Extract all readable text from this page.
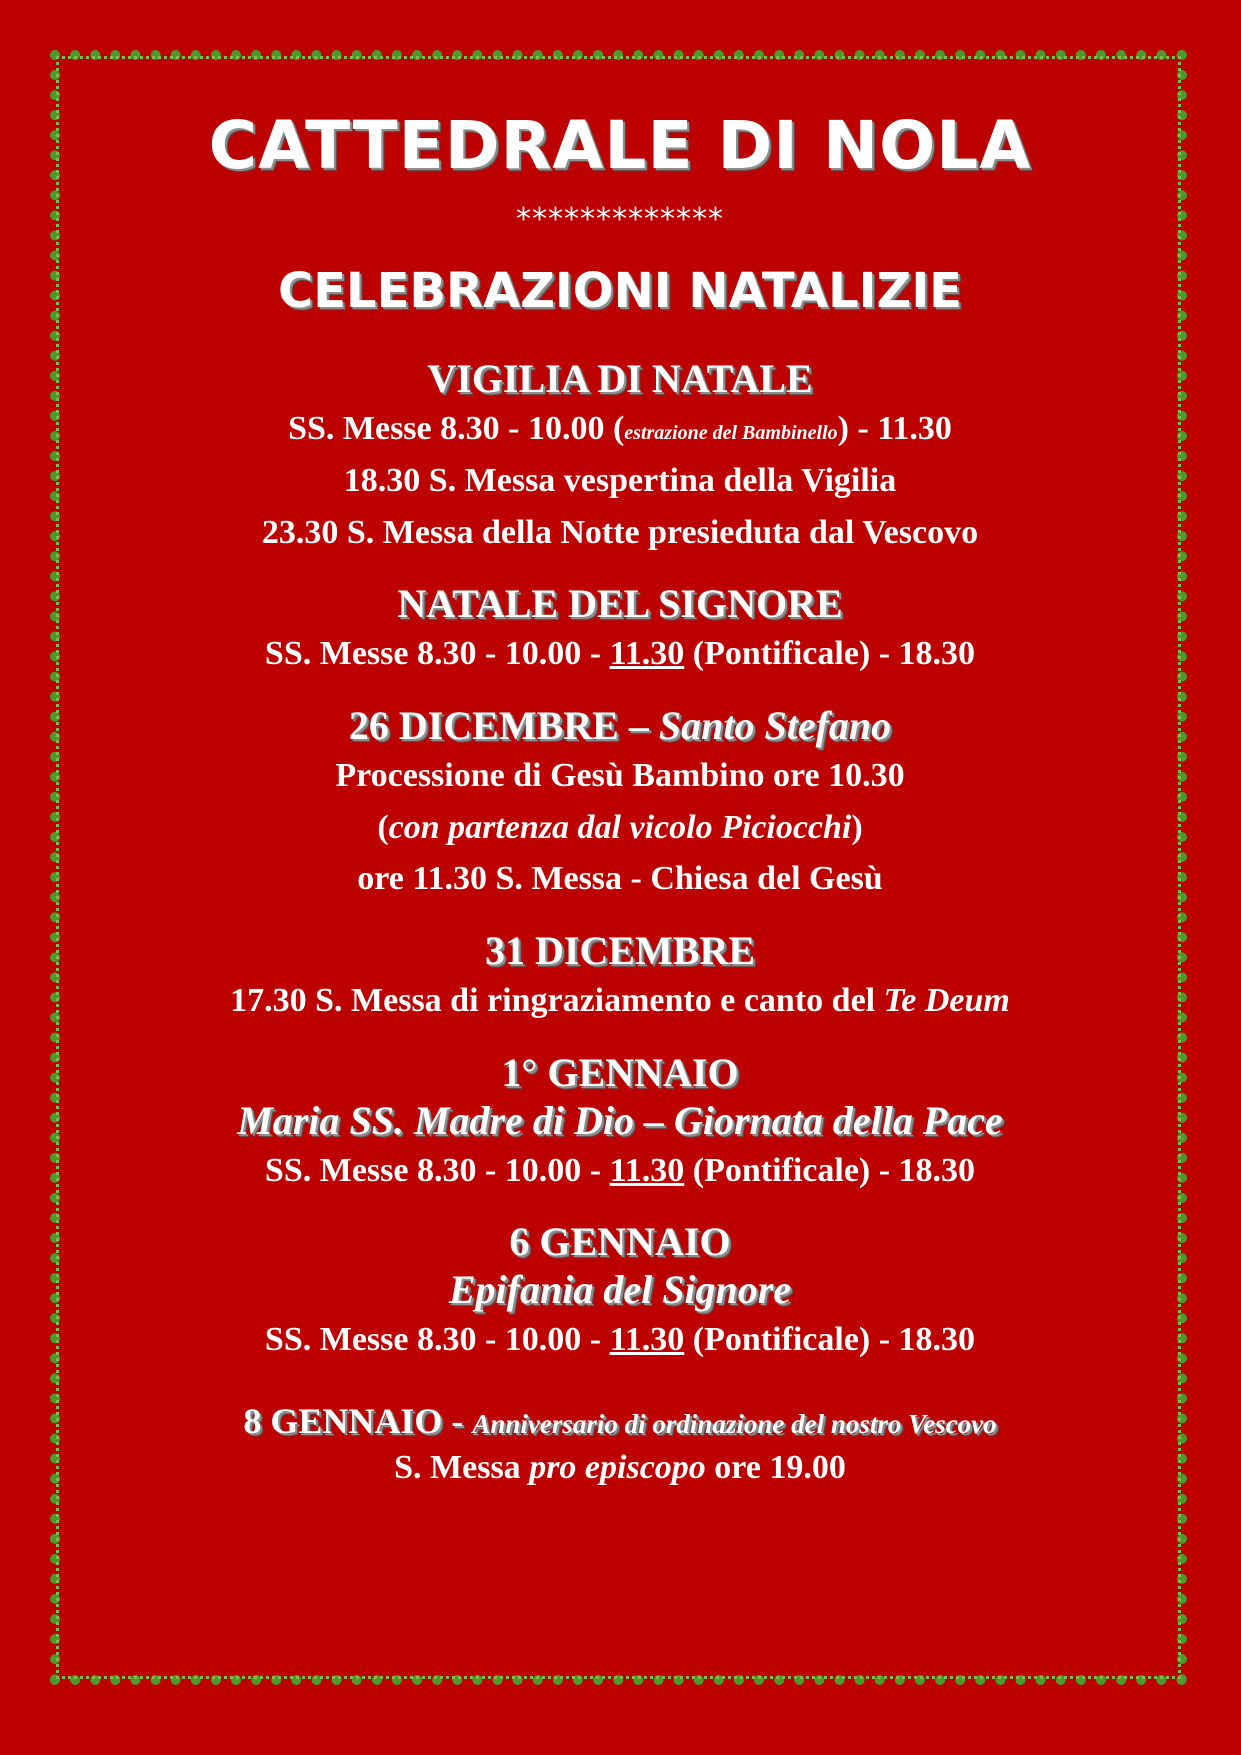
CATTEDRALE DI NOLA
*************
CELEBRAZIONI NATALIZIE
VIGILIA DI NATALE
SS. Messe 8.30 - 10.00 (estrazione del Bambinello) - 11.30
18.30 S. Messa vespertina della Vigilia
23.30 S. Messa della Notte presieduta dal Vescovo
NATALE DEL SIGNORE
SS. Messe 8.30 - 10.00 - 11.30 (Pontificale) - 18.30
26 DICEMBRE – Santo Stefano
Processione di Gesù Bambino ore 10.30
(con partenza dal vicolo Piciocchi)
ore 11.30 S. Messa - Chiesa del Gesù
31 DICEMBRE
17.30 S. Messa di ringraziamento e canto del Te Deum
1° GENNAIO
Maria SS. Madre di Dio – Giornata della Pace
SS. Messe 8.30 - 10.00 - 11.30 (Pontificale) - 18.30
6 GENNAIO
Epifania del Signore
SS. Messe 8.30 - 10.00 - 11.30 (Pontificale) - 18.30
8 GENNAIO - Anniversario di ordinazione del nostro Vescovo
S. Messa pro episcopo ore 19.00
